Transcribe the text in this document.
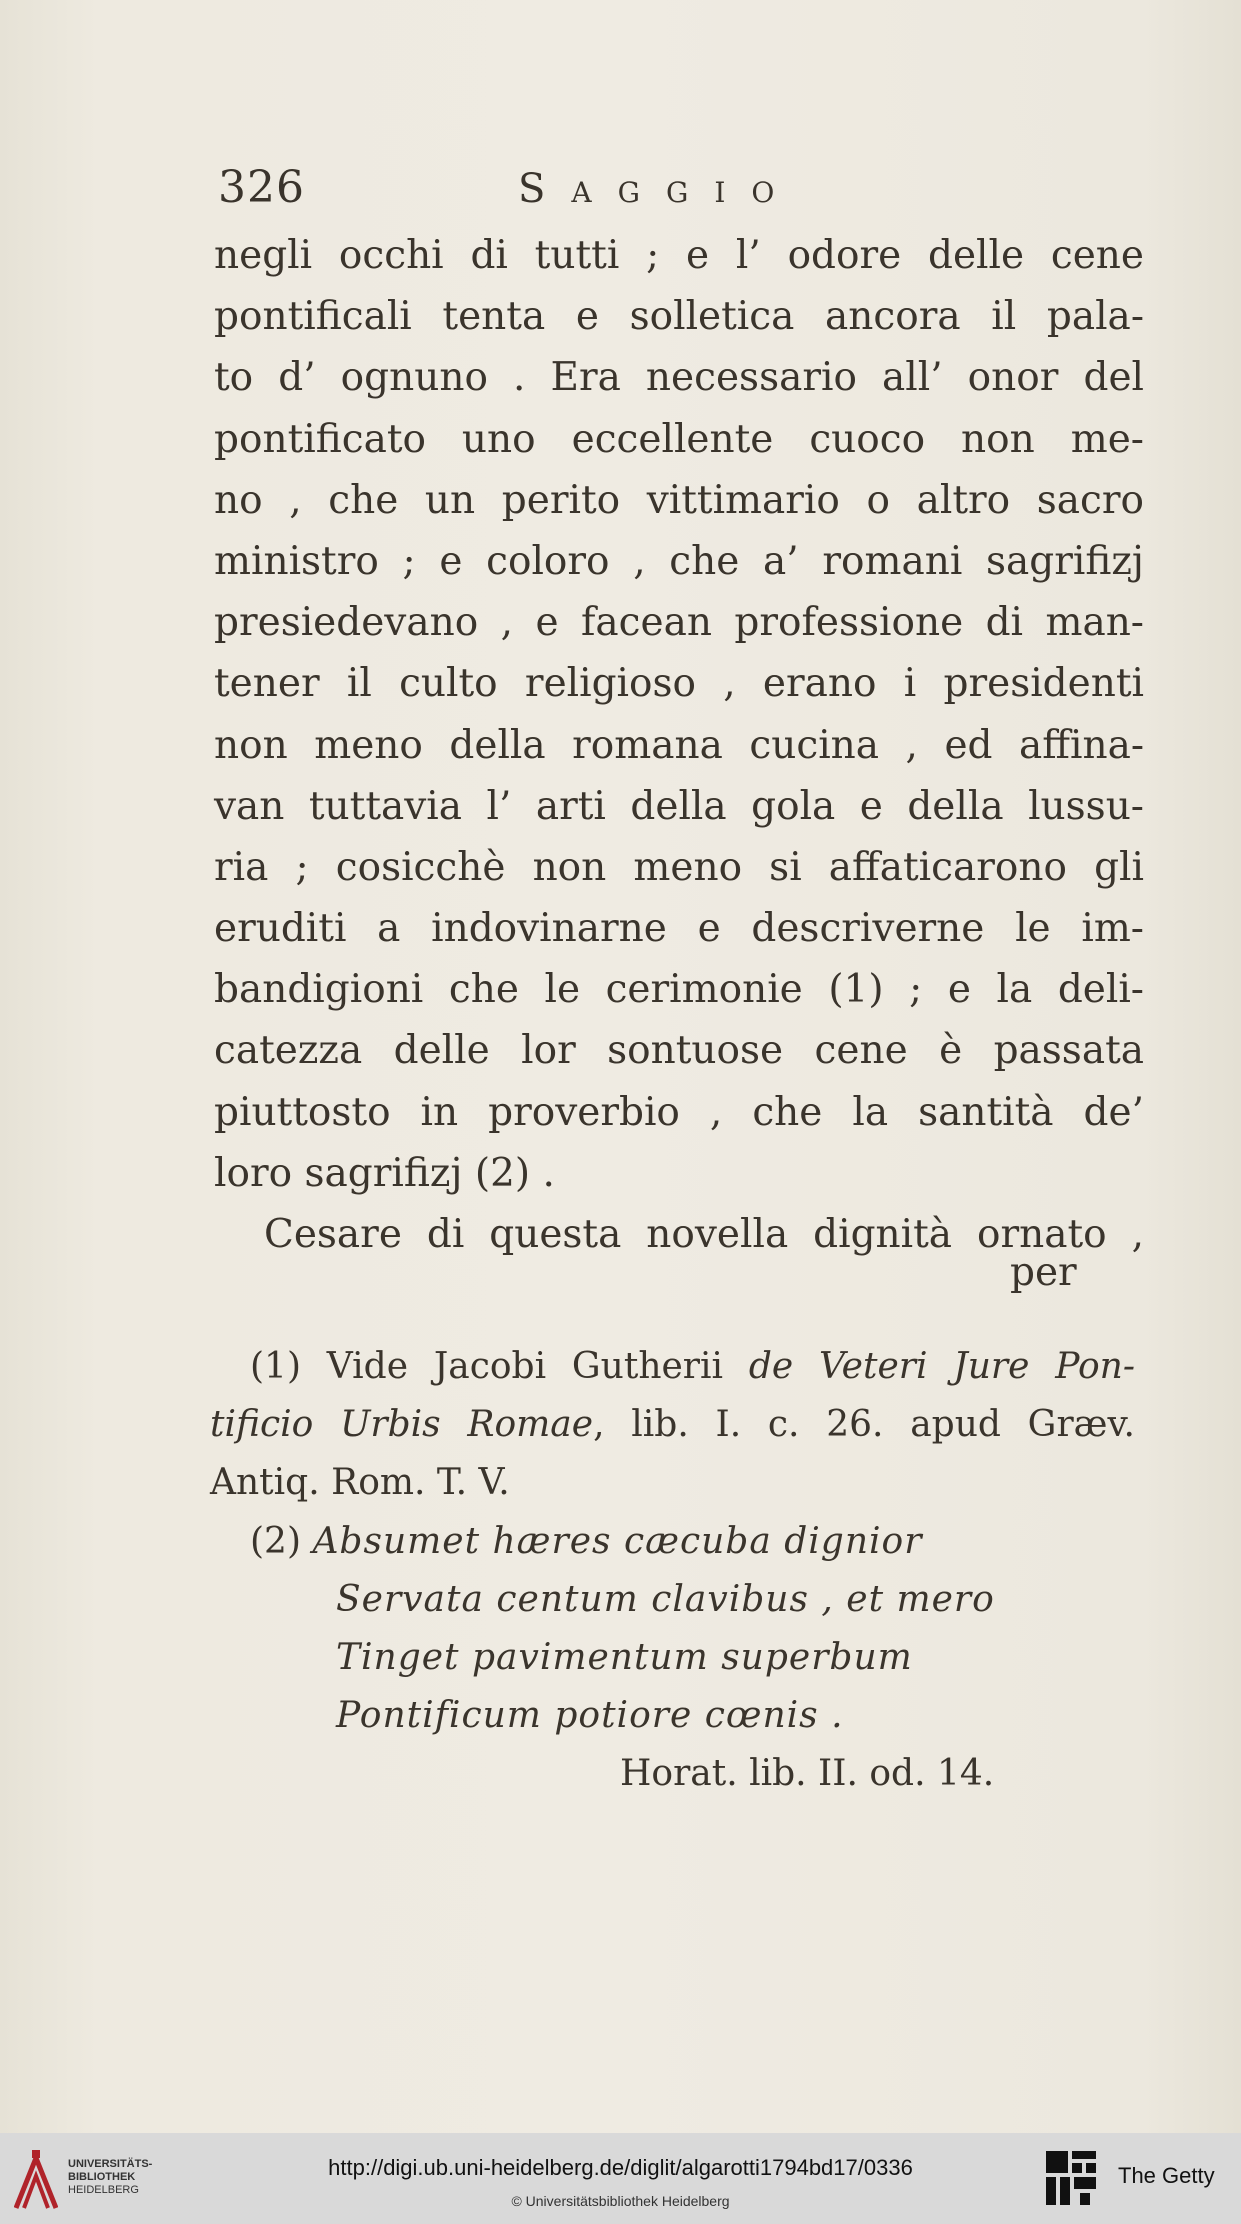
326	Saggio
negli occhi di tutti ; e l’ odore delle cene
pontificali tenta e solletica ancora il pala-
to d’ ognuno . Era necessario all’ onor del
pontificato uno eccellente cuoco non me-
no , che un perito vittimario o altro sacro
ministro ; e coloro , che a’ romani sagrifizj
presiedevano , e facean professione di man-
tener il culto religioso , erano i presidenti
non meno della romana cucina , ed affina-
van tuttavia l’ arti della gola e della lussu-
ria ; cosicchè non meno si affaticarono gli
eruditi a indovinarne e descriverne le im-
bandigioni che le cerimonie (1) ; e la deli-
catezza delle lor sontuose cene è passata
piuttosto in proverbio , che la santità de’
loro sagrifizj (2) .
Cesare di questa novella dignità ornato ,
per
(1) Vide Jacobi Gutherii de Veteri Jure Pon-
tificio Urbis Romae, lib. I. c. 26. apud Græv.
Antiq. Rom. T. V.
(2) Absumet hæres cæcuba dignior
Servata centum clavibus , et mero
Tinget pavimentum superbum
Pontificum potiore cœnis .
Horat. lib. II. od. 14.
UNIVERSITÄTS-
BIBLIOTHEK
HEIDELBERG
http://digi.ub.uni-heidelberg.de/diglit/algarotti1794bd17/0336
© Universitätsbibliothek Heidelberg
The Getty
